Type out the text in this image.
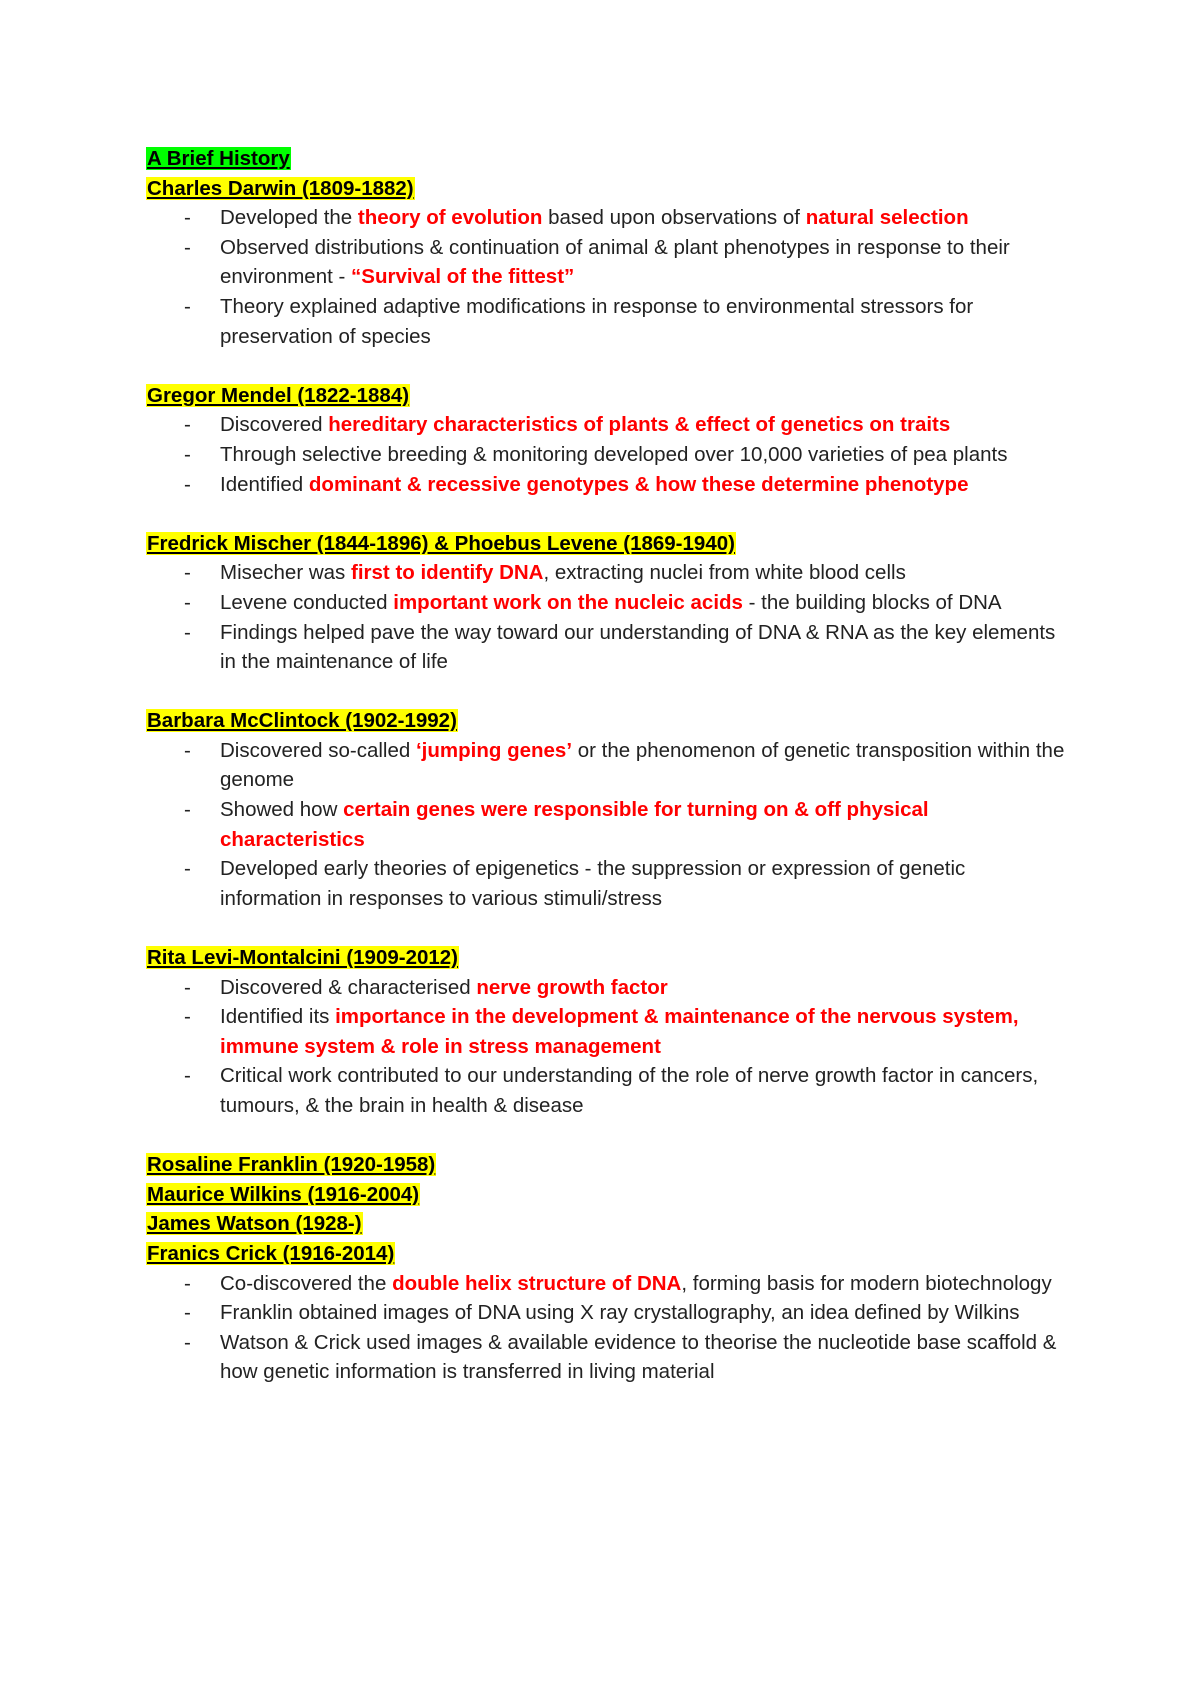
A Brief History
Charles Darwin (1809-1882)
- Developed the theory of evolution based upon observations of natural selection
- Observed distributions & continuation of animal & plant phenotypes in response to their environment - “Survival of the fittest”
- Theory explained adaptive modifications in response to environmental stressors for preservation of species
Gregor Mendel (1822-1884)
- Discovered hereditary characteristics of plants & effect of genetics on traits
- Through selective breeding & monitoring developed over 10,000 varieties of pea plants
- Identified dominant & recessive genotypes & how these determine phenotype
Fredrick Mischer (1844-1896) & Phoebus Levene (1869-1940)
- Misecher was first to identify DNA, extracting nuclei from white blood cells
- Levene conducted important work on the nucleic acids - the building blocks of DNA
- Findings helped pave the way toward our understanding of DNA & RNA as the key elements in the maintenance of life
Barbara McClintock (1902-1992)
- Discovered so-called ‘jumping genes’ or the phenomenon of genetic transposition within the genome
- Showed how certain genes were responsible for turning on & off physical characteristics
- Developed early theories of epigenetics - the suppression or expression of genetic information in responses to various stimuli/stress
Rita Levi-Montalcini (1909-2012)
- Discovered & characterised nerve growth factor
- Identified its importance in the development & maintenance of the nervous system, immune system & role in stress management
- Critical work contributed to our understanding of the role of nerve growth factor in cancers, tumours, & the brain in health & disease
Rosaline Franklin (1920-1958)
Maurice Wilkins (1916-2004)
James Watson (1928-)
Franics Crick (1916-2014)
- Co-discovered the double helix structure of DNA, forming basis for modern biotechnology
- Franklin obtained images of DNA using X ray crystallography, an idea defined by Wilkins
- Watson & Crick used images & available evidence to theorise the nucleotide base scaffold & how genetic information is transferred in living material
